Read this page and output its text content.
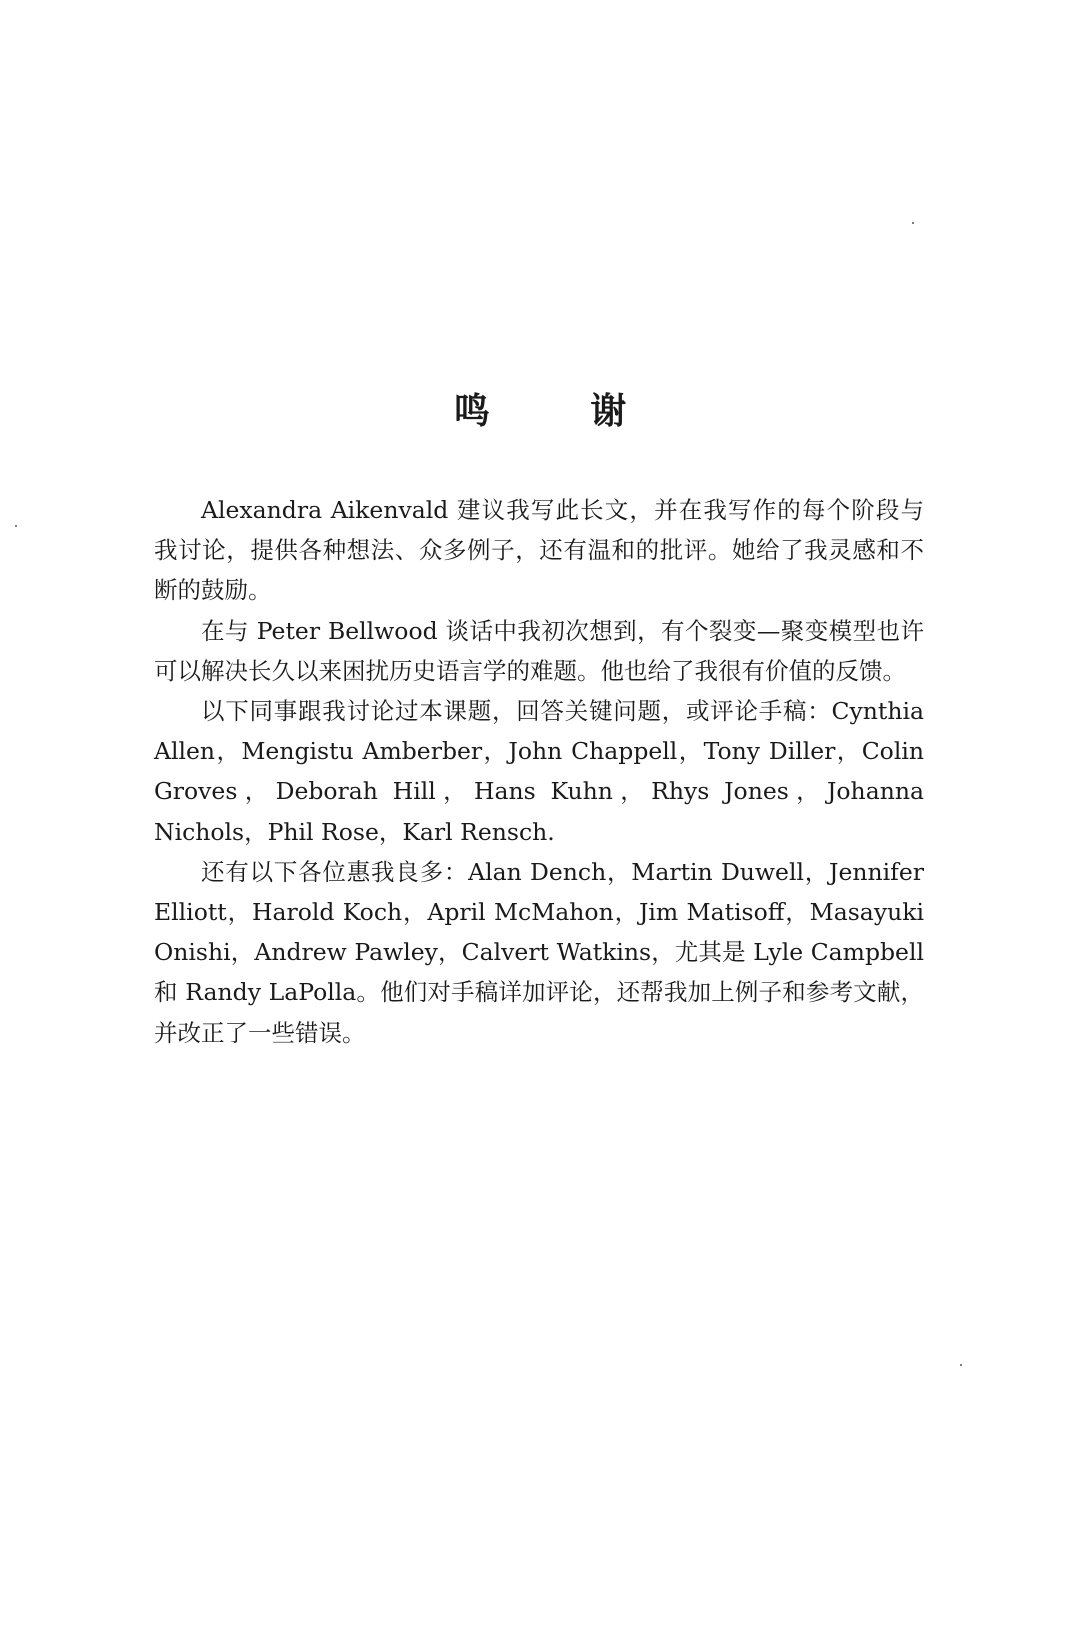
鸣 谢

Alexandra Aikenvald 建议我写此长文，并在我写作的每个阶段与我讨论，提供各种想法、众多例子，还有温和的批评。她给了我灵感和不断的鼓励。

在与 Peter Bellwood 谈话中我初次想到，有个裂变—聚变模型也许可以解决长久以来困扰历史语言学的难题。他也给了我很有价值的反馈。

以下同事跟我讨论过本课题，回答关键问题，或评论手稿：Cynthia Allen，Mengistu Amberber，John Chappell，Tony Diller，Colin Groves，Deborah Hill，Hans Kuhn，Rhys Jones，Johanna Nichols，Phil Rose，Karl Rensch.

还有以下各位惠我良多：Alan Dench，Martin Duwell，Jennifer Elliott，Harold Koch，April McMahon，Jim Matisoff，Masayuki Onishi，Andrew Pawley，Calvert Watkins，尤其是 Lyle Campbell 和 Randy LaPolla。他们对手稿详加评论，还帮我加上例子和参考文献，并改正了一些错误。
